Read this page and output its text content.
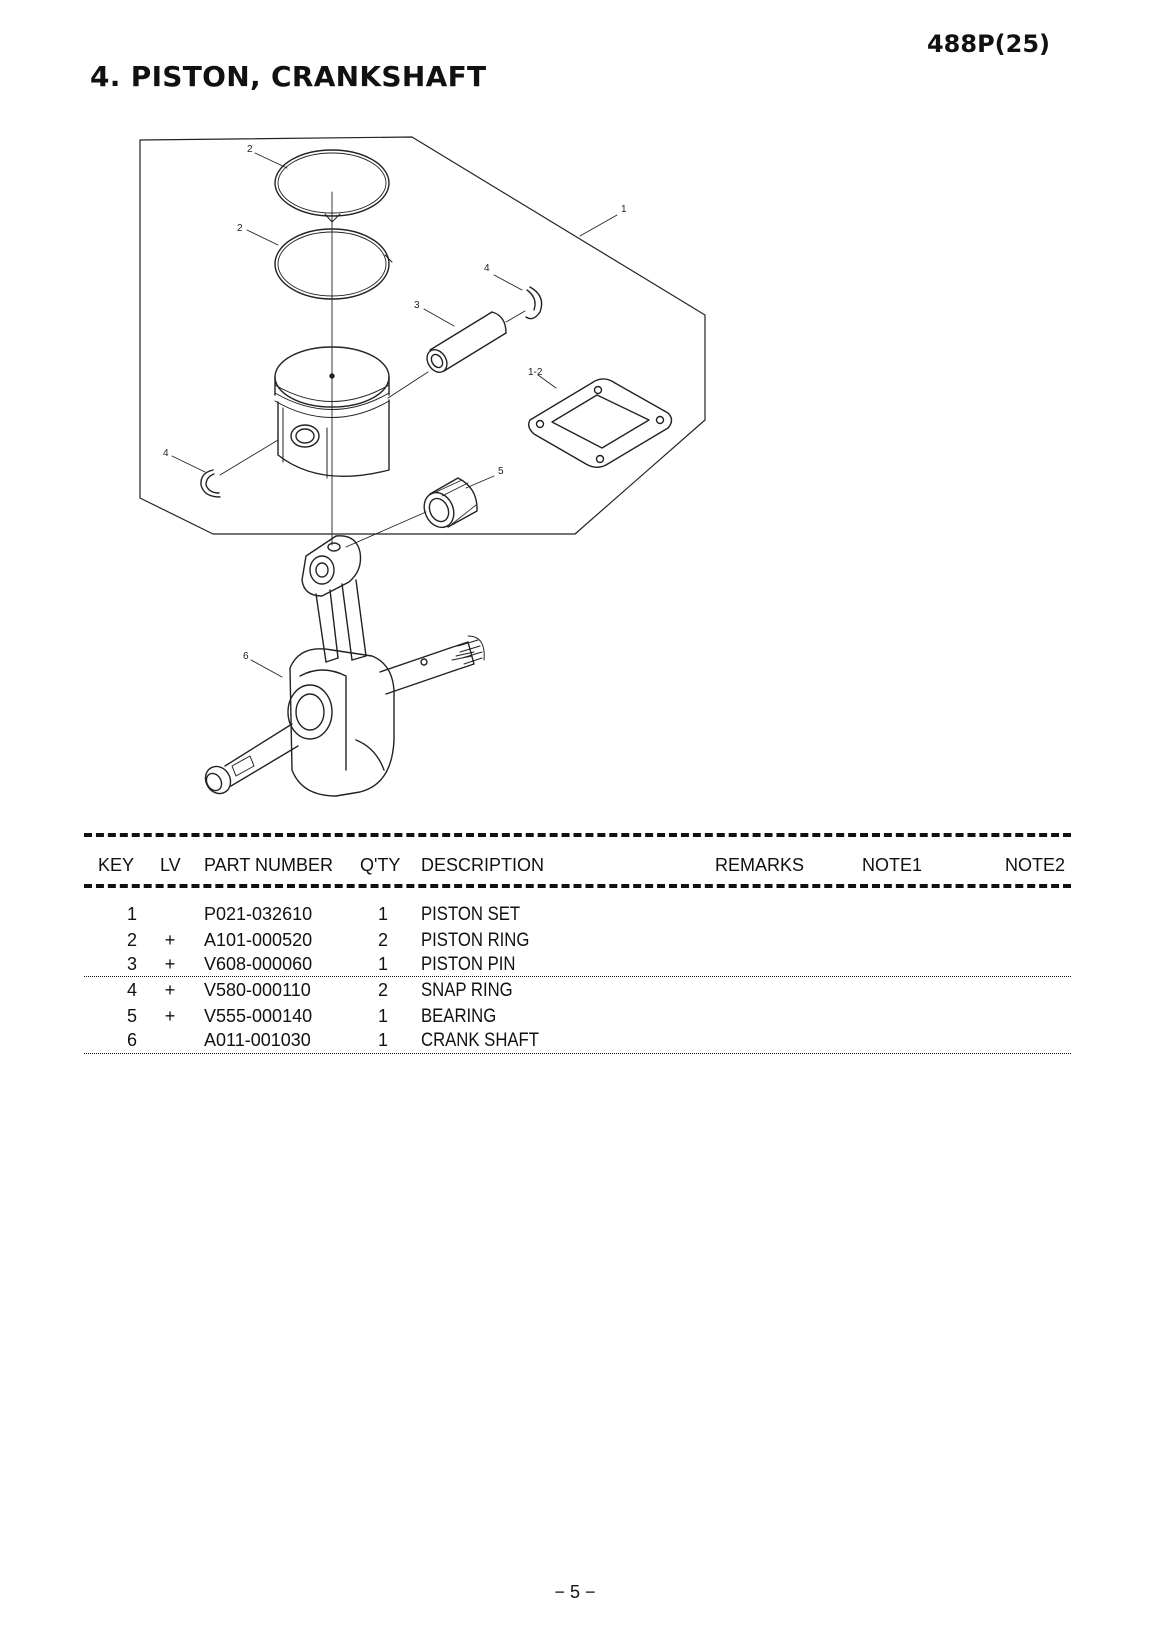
488P(25)
4. PISTON, CRANKSHAFT
2
2
1
4
3
1-2
4
5
6
KEY LV PART NUMBER Q'TY DESCRIPTION	REMARKS	NOTE1	NOTE2
1	P021-032610	1	PISTON SET
2	+ A101-000520	2	PISTON RING
3	+ V608-000060	1	PISTON PIN
4	+ V580-000110	2	SNAP RING
5	+ V555-000140	1	BEARING
6	A011-001030	1	CRANK SHAFT
− 5 −
